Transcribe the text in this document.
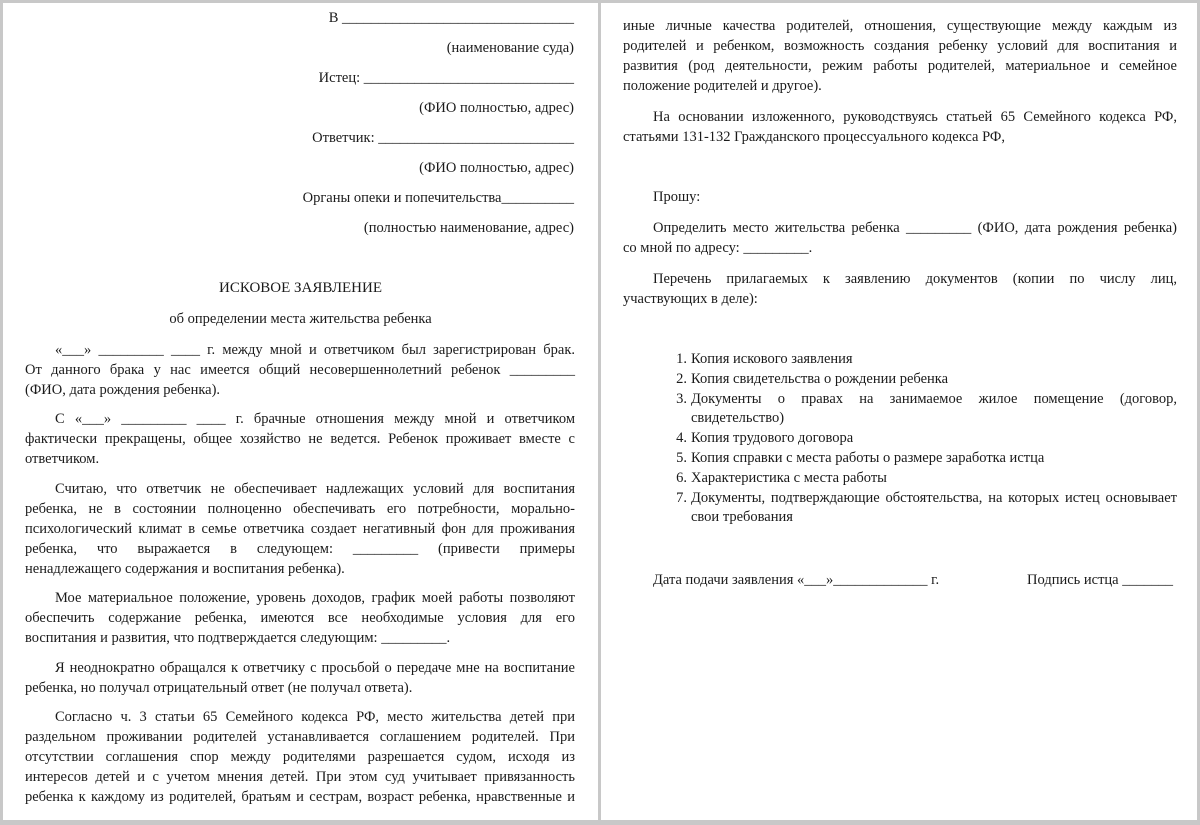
В ________________________________

(наименование суда)

Истец: _____________________________

(ФИО полностью, адрес)

Ответчик: ___________________________

(ФИО полностью, адрес)

Органы опеки и попечительства__________

(полностью наименование, адрес)

ИСКОВОЕ ЗАЯВЛЕНИЕ

об определении места жительства ребенка

«___» _________ ____ г. между мной и ответчиком был зарегистрирован брак.

От данного брака у нас имеется общий несовершеннолетний ребенок _________

(ФИО, дата рождения ребенка).

С «___» _________ ____ г. брачные отношения между мной и ответчиком

фактически прекращены, общее хозяйство не ведется. Ребенок проживает вместе с

ответчиком.

Считаю, что ответчик не обеспечивает надлежащих условий для воспитания

ребенка, не в состоянии полноценно обеспечивать его потребности, морально-

психологический климат в семье ответчика создает негативный фон для проживания

ребенка, что выражается в следующем: _________ (привести примеры

ненадлежащего содержания и воспитания ребенка).

Мое материальное положение, уровень доходов, график моей работы позволяют

обеспечить содержание ребенка, имеются все необходимые условия для его

воспитания и развития, что подтверждается следующим: _________.

Я неоднократно обращался к ответчику с просьбой о передаче мне на воспитание

ребенка, но получал отрицательный ответ (не получал ответа).

Согласно ч. 3 статьи 65 Семейного кодекса РФ, место жительства детей при

раздельном проживании родителей устанавливается соглашением родителей. При

отсутствии соглашения спор между родителями разрешается судом, исходя из

интересов детей и с учетом мнения детей. При этом суд учитывает привязанность

ребенка к каждому из родителей, братьям и сестрам, возраст ребенка, нравственные и

иные личные качества родителей, отношения, существующие между каждым из

родителей и ребенком, возможность создания ребенку условий для воспитания и

развития (род деятельности, режим работы родителей, материальное и семейное

положение родителей и другое).

На основании изложенного, руководствуясь статьей 65 Семейного кодекса РФ,

статьями 131-132 Гражданского процессуального кодекса РФ,

Прошу:

Определить место жительства ребенка _________ (ФИО, дата рождения ребенка)

со мной по адресу: _________.

Перечень прилагаемых к заявлению документов (копии по числу лиц,

участвующих в деле):

1. Копия искового заявления
2. Копия свидетельства о рождении ребенка
3. Документы о правах на занимаемое жилое помещение (договор, свидетельство)
4. Копия трудового договора
5. Копия справки с места работы о размере заработка истца
6. Характеристика с места работы
7. Документы, подтверждающие обстоятельства, на которых истец основывает свои требования

Дата подачи заявления «___»_____________ г.	Подпись истца _______
